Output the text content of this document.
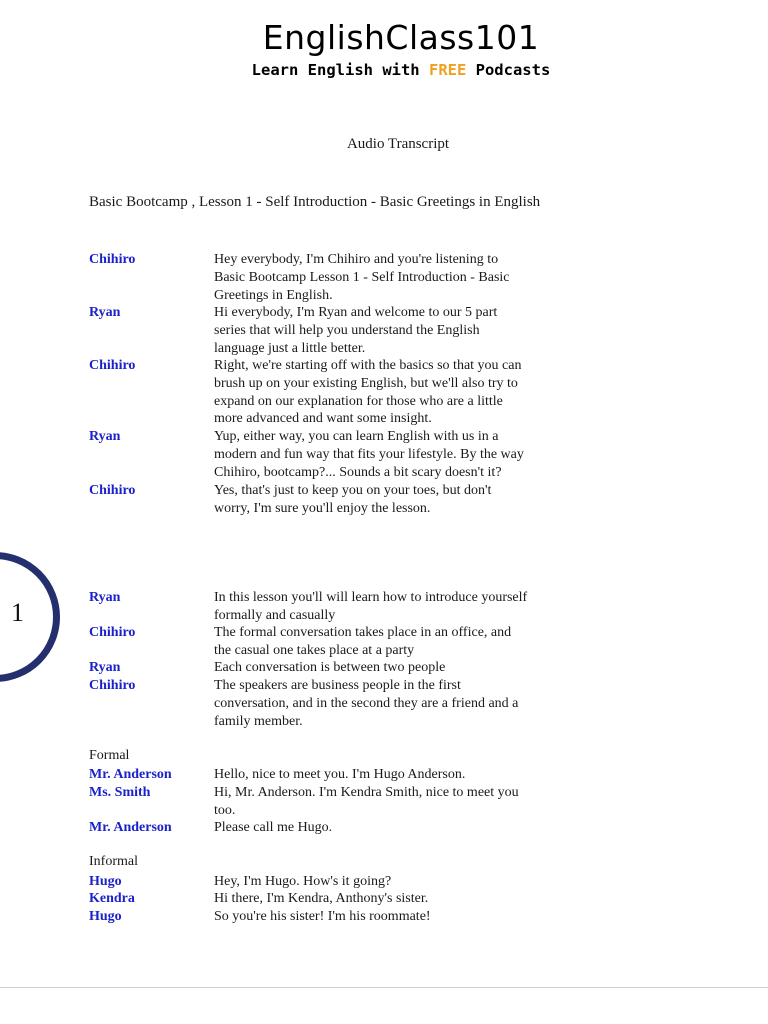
EnglishClass101
Learn English with FREE Podcasts
Audio Transcript
Basic Bootcamp , Lesson 1 - Self Introduction - Basic Greetings in English
Chihiro	Hey everybody, I'm Chihiro and you're listening to Basic Bootcamp Lesson 1 - Self Introduction - Basic Greetings in English.
Ryan	Hi everybody, I'm Ryan and welcome to our 5 part series that will help you understand the English language just a little better.
Chihiro	Right, we're starting off with the basics so that you can brush up on your existing English, but we'll also try to expand on our explanation for those who are a little more advanced and want some insight.
Ryan	Yup, either way, you can learn English with us in a modern and fun way that fits your lifestyle. By the way Chihiro, bootcamp?... Sounds a bit scary doesn't it?
Chihiro	Yes, that's just to keep you on your toes, but don't worry, I'm sure you'll enjoy the lesson.
1
Ryan	In this lesson you'll will learn how to introduce yourself formally and casually
Chihiro	The formal conversation takes place in an office, and the casual one takes place at a party
Ryan	Each conversation is between two people
Chihiro	The speakers are business people in the first conversation, and in the second they are a friend and a family member.
Formal
Mr. Anderson	Hello, nice to meet you. I'm Hugo Anderson.
Ms. Smith	Hi, Mr. Anderson. I'm Kendra Smith, nice to meet you too.
Mr. Anderson	Please call me Hugo.
Informal
Hugo	Hey, I'm Hugo. How's it going?
Kendra	Hi there, I'm Kendra, Anthony's sister.
Hugo	So you're his sister! I'm his roommate!
